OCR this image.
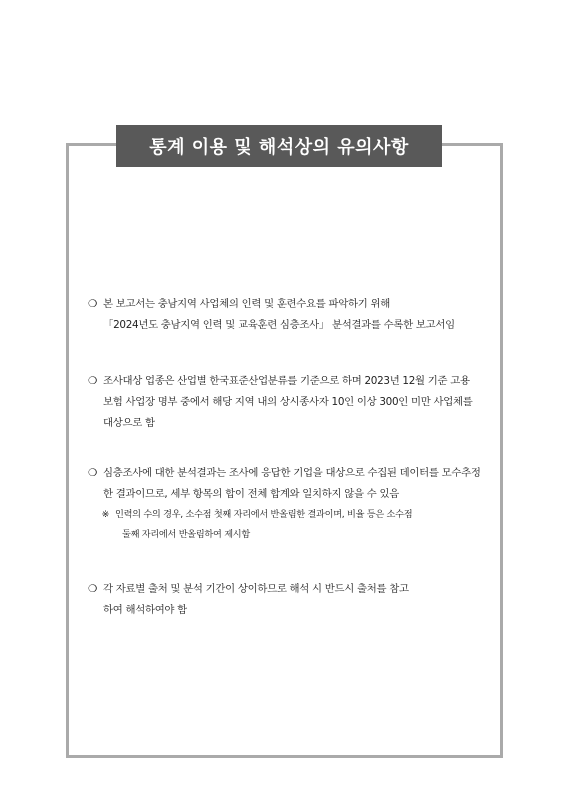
통계 이용 및 해석상의 유의사항
❍ 본 보고서는 충남지역 사업체의 인력 및 훈련수요를 파악하기 위해
「2024년도 충남지역 인력 및 교육훈련 심층조사」 분석결과를 수록한 보고서임
❍ 조사대상 업종은 산업별 한국표준산업분류를 기준으로 하며 2023년 12월 기준 고용
보험 사업장 명부 중에서 해당 지역 내의 상시종사자 10인 이상 300인 미만 사업체를
대상으로 함
❍ 심층조사에 대한 분석결과는 조사에 응답한 기업을 대상으로 수집된 데이터를 모수추정
한 결과이므로, 세부 항목의 합이 전체 합계와 일치하지 않을 수 있음
※ 인력의 수의 경우, 소수점 첫째 자리에서 반올림한 결과이며, 비율 등은 소수점
둘째 자리에서 반올림하여 제시함
❍ 각 자료별 출처 및 분석 기간이 상이하므로 해석 시 반드시 출처를 참고
하여 해석하여야 함
